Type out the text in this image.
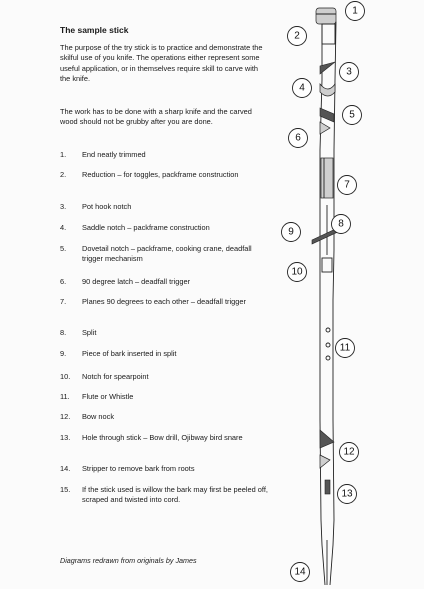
The sample stick

The purpose of the try stick is to practice and demonstrate the skilful use of you knife. The operations either represent some useful application, or in themselves require skill to carve with the knife.

The work has to be done with a sharp knife and the carved wood should not be grubby after you are done.

1.	End neatly trimmed
2.	Reduction – for toggles, packframe construction
3.	Pot hook notch
4.	Saddle notch – packframe construction
5.	Dovetail notch – packframe, cooking crane, deadfall trigger mechanism
6.	90 degree latch – deadfall trigger
7.	Planes 90 degrees to each other – deadfall trigger
8.	Split
9.	Piece of bark inserted in split
10.	Notch for spearpoint
11.	Flute or Whistle
12.	Bow nock
13.	Hole through stick – Bow drill, Ojibway bird snare
14.	Stripper to remove bark from roots
15.	If the stick used is willow the bark may first be peeled off, scraped and twisted into cord.
Diagrams redrawn from originals by James
1
2
3
4
5
6
7
8
9
10
11
12
13
14
